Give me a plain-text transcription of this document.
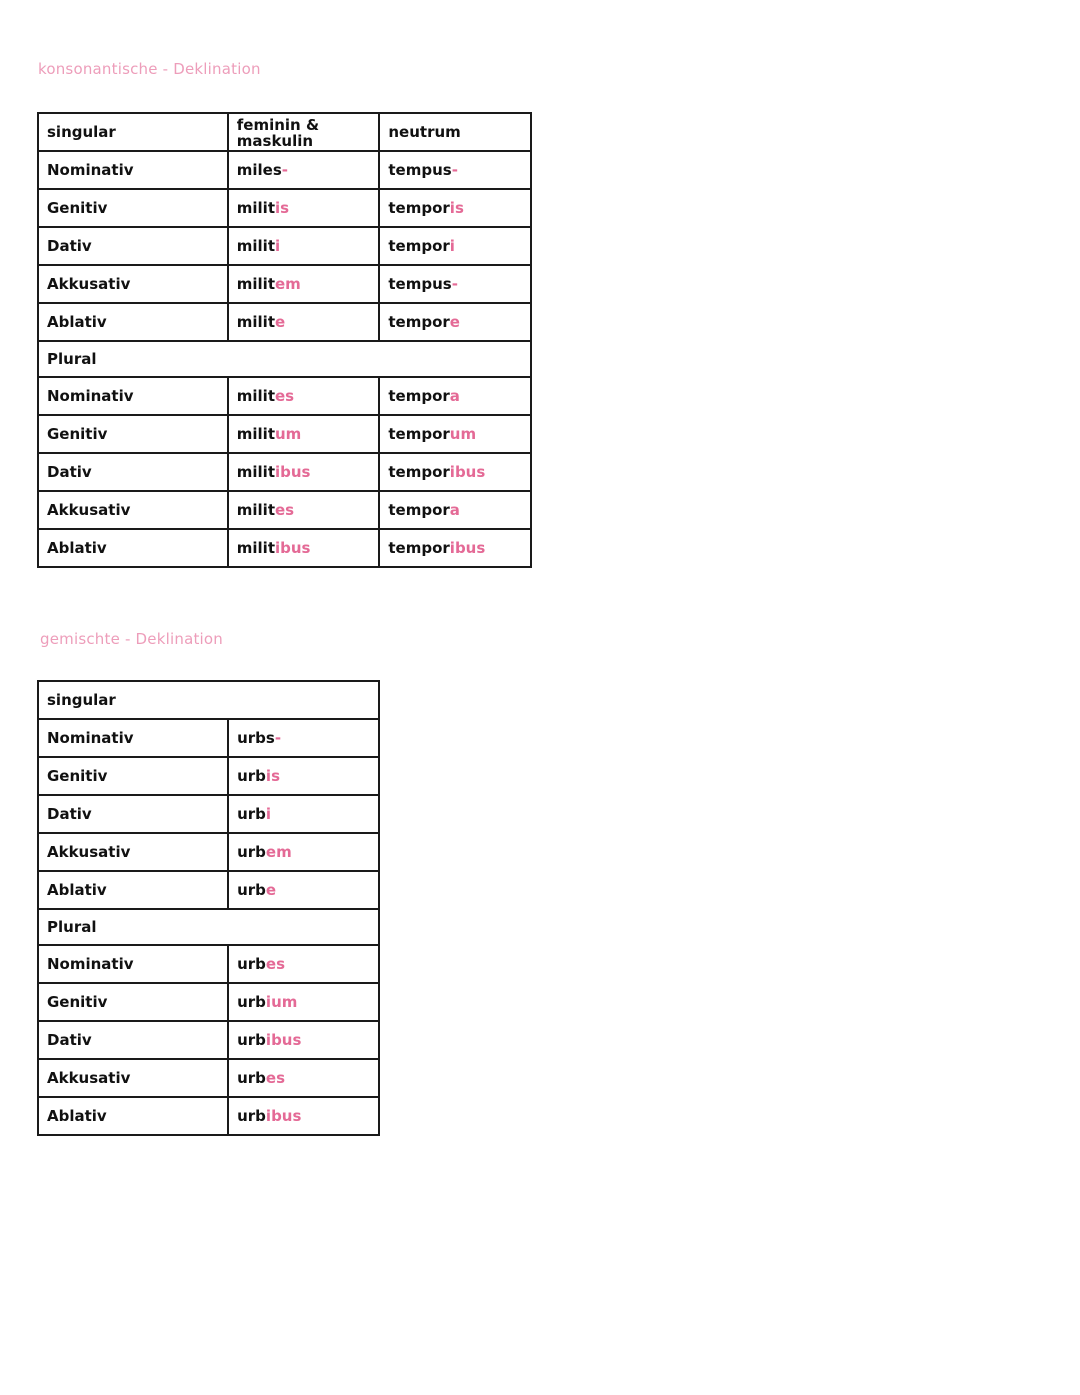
konsonantische - Deklination
singular	feminin & maskulin	neutrum
Nominativ	miles-	tempus-
Genitiv	militis	temporis
Dativ	militi	tempori
Akkusativ	militem	tempus-
Ablativ	milite	tempore
Plural		
Nominativ	milites	tempora
Genitiv	militum	temporum
Dativ	militibus	temporibus
Akkusativ	milites	tempora
Ablativ	militibus	temporibus
gemischte - Deklination
singular	
Nominativ	urbs-
Genitiv	urbis
Dativ	urbi
Akkusativ	urbem
Ablativ	urbe
Plural	
Nominativ	urbes
Genitiv	urbium
Dativ	urbibus
Akkusativ	urbes
Ablativ	urbibus
